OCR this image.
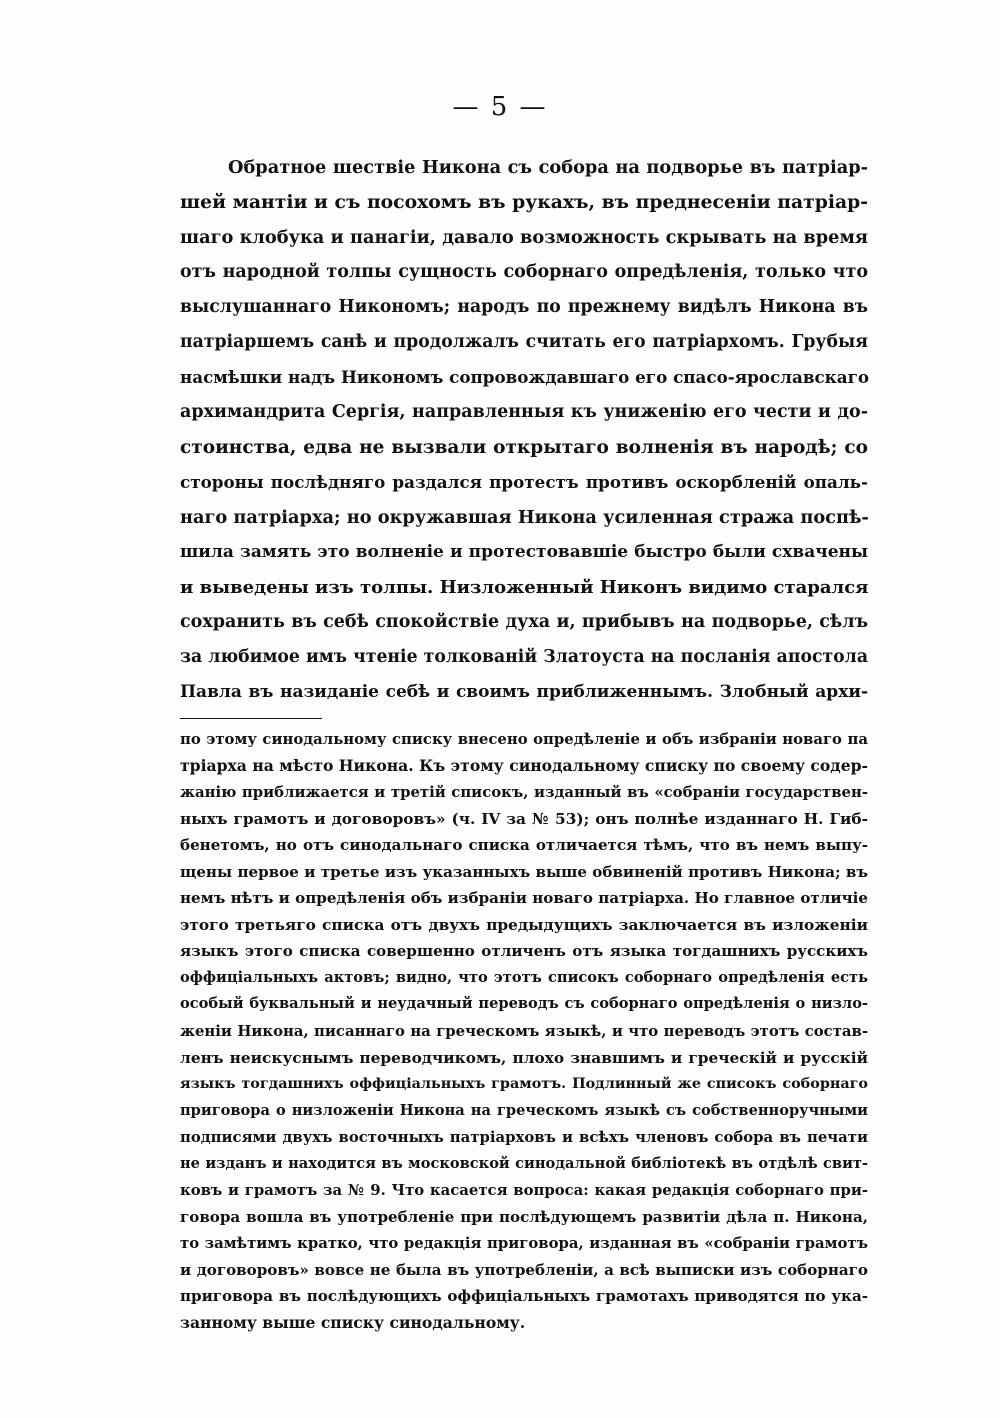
— 5 —
Обратное шествіе Никона съ собора на подворье въ патріар-
шей мантіи и съ посохомъ въ рукахъ, въ преднесеніи патріар-
шаго клобука и панагіи, давало возможность скрывать на время
отъ народной толпы сущность соборнаго опредѣленія, только что
выслушаннаго Никономъ; народъ по прежнему видѣлъ Никона въ
патріаршемъ санѣ и продолжалъ считать его патріархомъ. Грубыя
насмѣшки надъ Никономъ сопровождавшаго его спасо-ярославскаго
архимандрита Сергія, направленныя къ униженію его чести и до-
стоинства, едва не вызвали открытаго волненія въ народѣ; со
стороны послѣдняго раздался протестъ противъ оскорбленій опаль-
наго патріарха; но окружавшая Никона усиленная стража поспѣ-
шила замять это волненіе и протестовавшіе быстро были схвачены
и выведены изъ толпы. Низложенный Никонъ видимо старался
сохранить въ себѣ спокойствіе духа и, прибывъ на подворье, сѣлъ
за любимое имъ чтеніе толкованій Златоуста на посланія апостола
Павла въ назиданіе себѣ и своимъ приближеннымъ. Злобный архи-
по этому синодальному списку внесено опредѣленіе и объ избраніи новаго па
тріарха на мѣсто Никона. Къ этому синодальному списку по своему содер-
жанію приближается и третій списокъ, изданный въ «собраніи государствен-
ныхъ грамотъ и договоровъ» (ч. IV за № 53); онъ полнѣе изданнаго Н. Гиб-
бенетомъ, но отъ синодальнаго списка отличается тѣмъ, что въ немъ выпу-
щены первое и третье изъ указанныхъ выше обвиненій противъ Никона; въ
немъ нѣтъ и опредѣленія объ избраніи новаго патріарха. Но главное отличіе
этого третьяго списка отъ двухъ предыдущихъ заключается въ изложеніи
языкъ этого списка совершенно отличенъ отъ языка тогдашнихъ русскихъ
оффиціальныхъ актовъ; видно, что этотъ списокъ соборнаго опредѣленія есть
особый буквальный и неудачный переводъ съ соборнаго опредѣленія о низло-
женіи Никона, писаннаго на греческомъ языкѣ, и что переводъ этотъ состав-
ленъ неискуснымъ переводчикомъ, плохо знавшимъ и греческій и русскій
языкъ тогдашнихъ оффиціальныхъ грамотъ. Подлинный же списокъ соборнаго
приговора о низложеніи Никона на греческомъ языкѣ съ собственноручными
подписями двухъ восточныхъ патріарховъ и всѣхъ членовъ собора въ печати
не изданъ и находится въ московской синодальной библіотекѣ въ отдѣлѣ свит-
ковъ и грамотъ за № 9. Что касается вопроса: какая редакція соборнаго при-
говора вошла въ употребленіе при послѣдующемъ развитіи дѣла п. Никона,
то замѣтимъ кратко, что редакція приговора, изданная въ «собраніи грамотъ
и договоровъ» вовсе не была въ употребленіи, а всѣ выписки изъ соборнаго
приговора въ послѣдующихъ оффиціальныхъ грамотахъ приводятся по ука-
занному выше списку синодальному.
